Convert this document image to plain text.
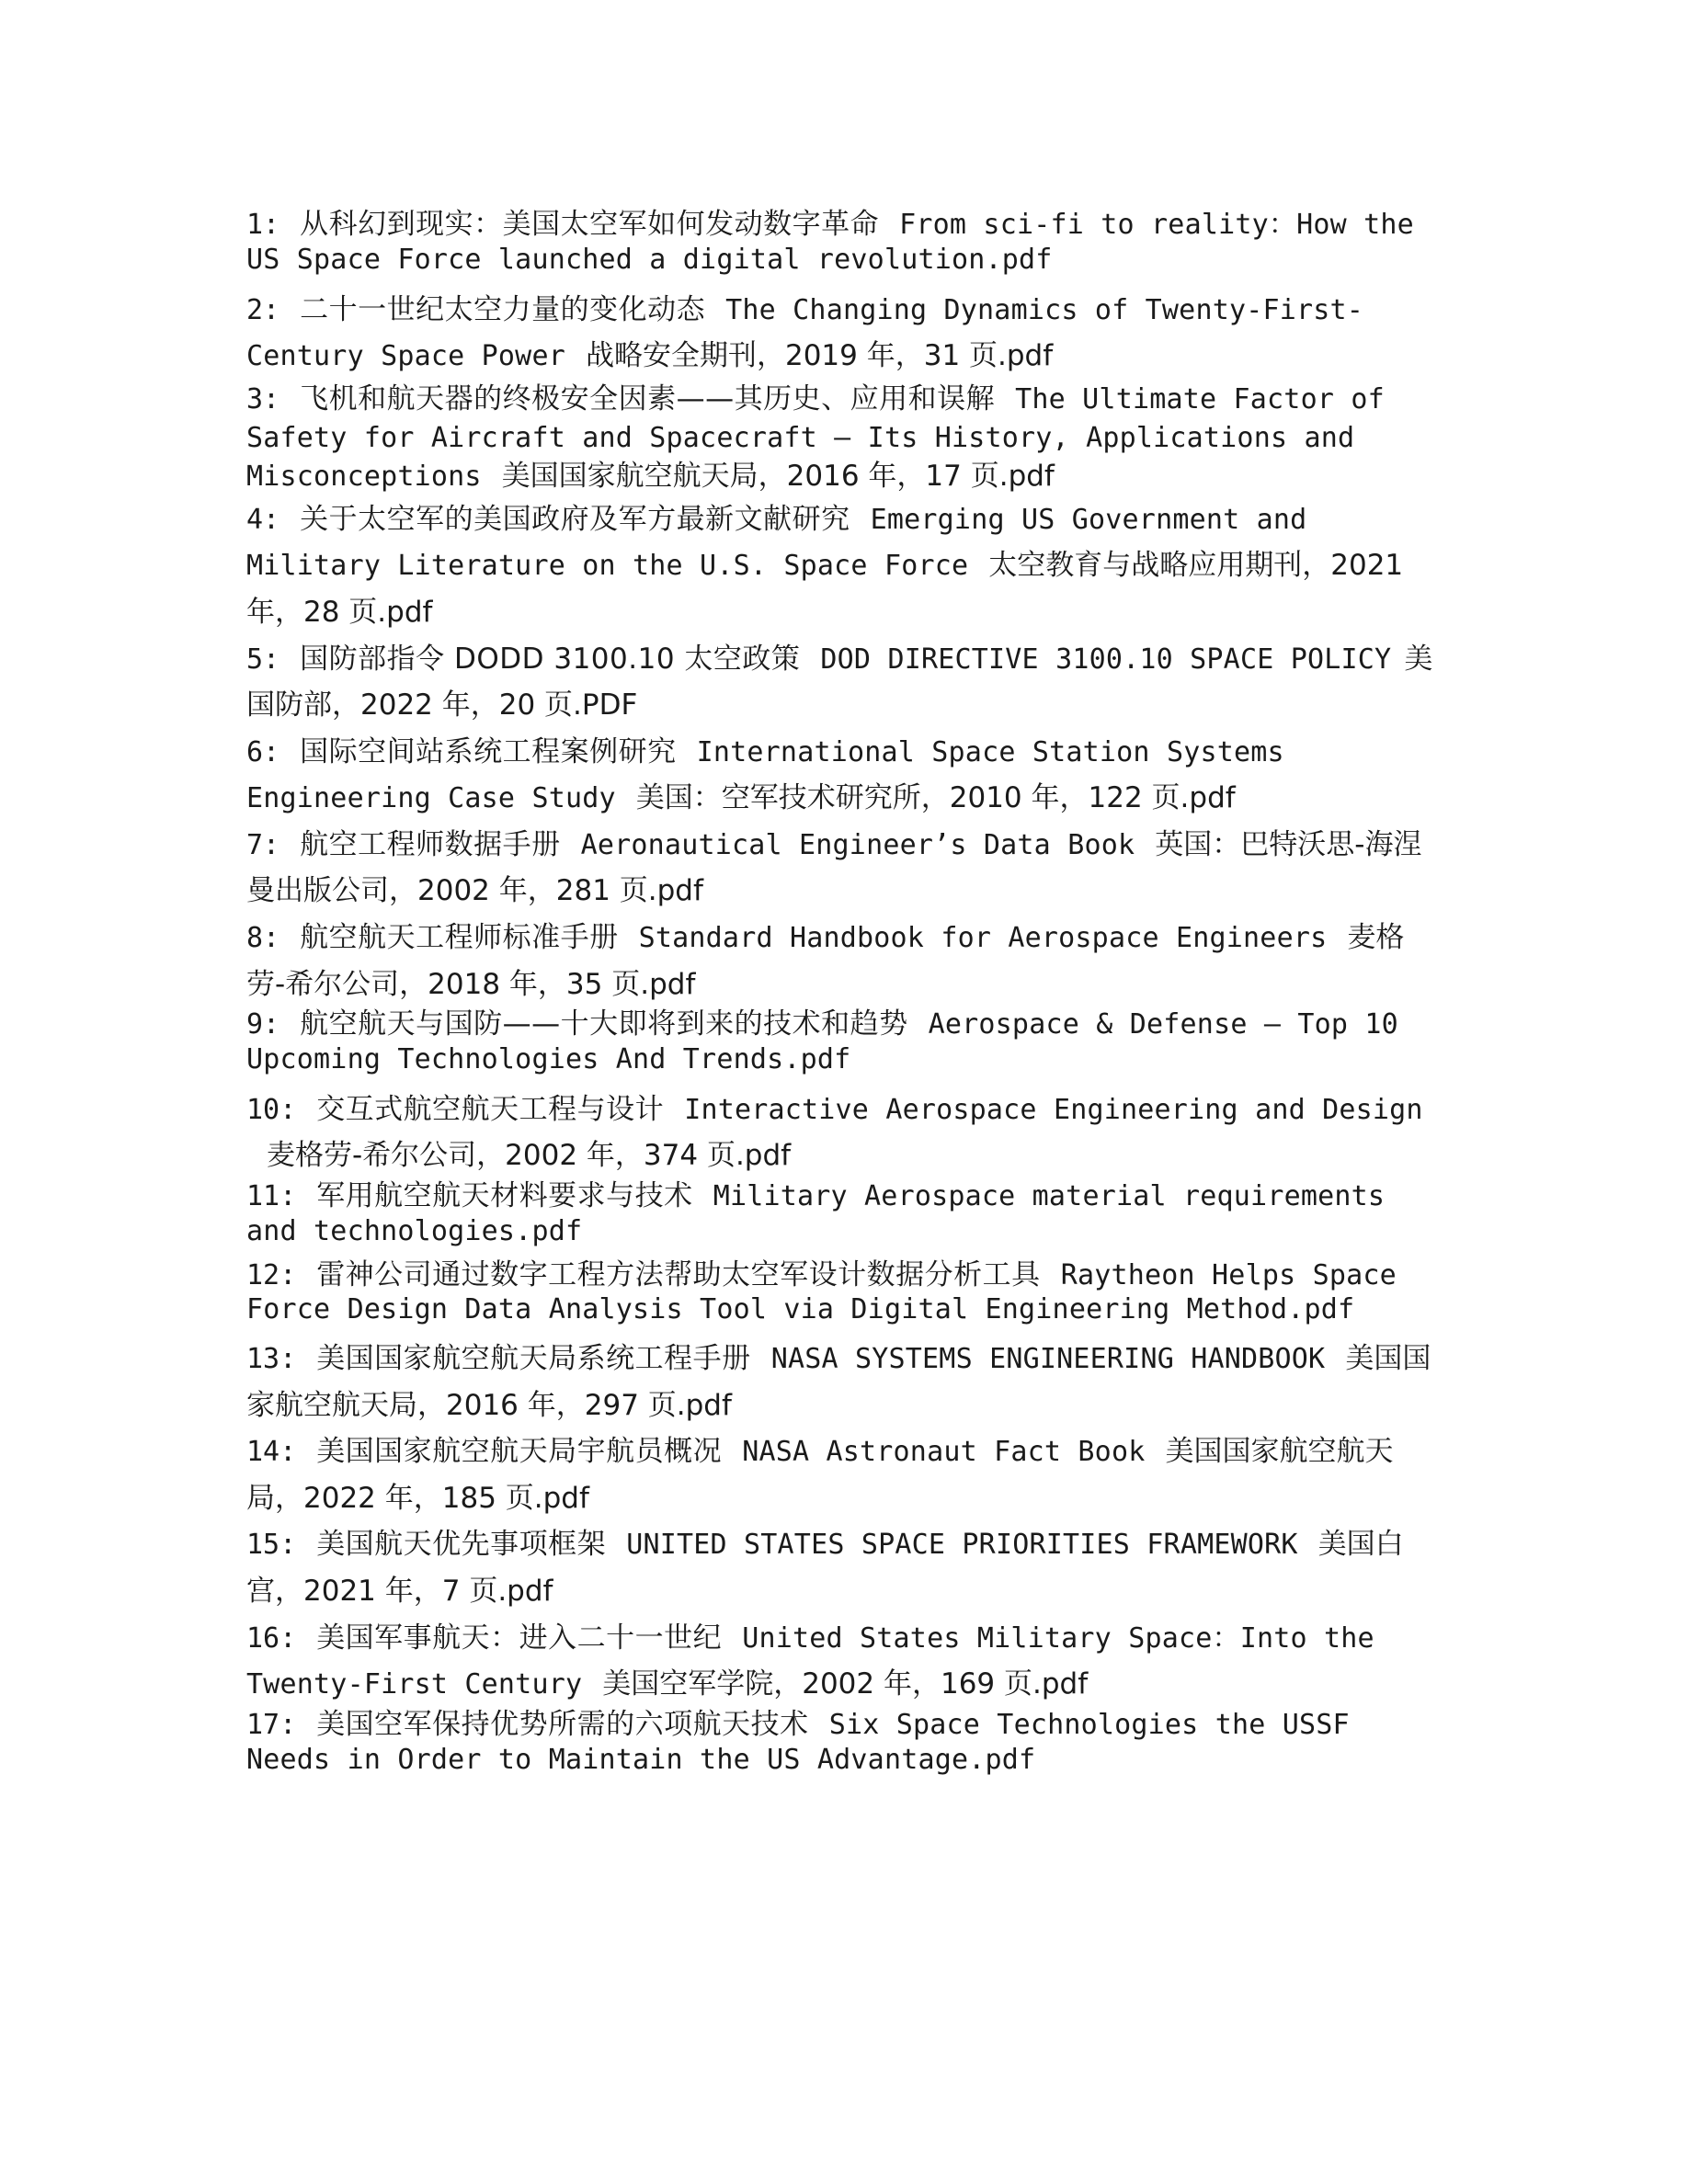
1: 从科幻到现实：美国太空军如何发动数字革命 From sci-fi to reality：How the US Space Force launched a digital revolution.pdf
2: 二十一世纪太空力量的变化动态 The Changing Dynamics of Twenty-First-Century Space Power 战略安全期刊，2019 年，31 页.pdf
3: 飞机和航天器的终极安全因素——其历史、应用和误解 The Ultimate Factor of Safety for Aircraft and Spacecraft – Its History, Applications and Misconceptions 美国国家航空航天局，2016 年，17 页.pdf
4: 关于太空军的美国政府及军方最新文献研究 Emerging US Government and Military Literature on the U.S. Space Force 太空教育与战略应用期刊，2021 年，28 页.pdf
5: 国防部指令 DODD 3100.10 太空政策 DOD DIRECTIVE 3100.10 SPACE POLICY 美国防部，2022 年，20 页.PDF
6: 国际空间站系统工程案例研究 International Space Station Systems Engineering Case Study 美国：空军技术研究所，2010 年，122 页.pdf
7: 航空工程师数据手册 Aeronautical Engineer’s Data Book 英国：巴特沃思-海涅曼出版公司，2002 年，281 页.pdf
8: 航空航天工程师标准手册 Standard Handbook for Aerospace Engineers 麦格劳-希尔公司，2018 年，35 页.pdf
9: 航空航天与国防——十大即将到来的技术和趋势 Aerospace & Defense — Top 10 Upcoming Technologies And Trends.pdf
10: 交互式航空航天工程与设计 Interactive Aerospace Engineering and Design麦格劳-希尔公司，2002 年，374 页.pdf
11: 军用航空航天材料要求与技术 Military Aerospace material requirements and technologies.pdf
12: 雷神公司通过数字工程方法帮助太空军设计数据分析工具 Raytheon Helps Space Force Design Data Analysis Tool via Digital Engineering Method.pdf
13: 美国国家航空航天局系统工程手册 NASA SYSTEMS ENGINEERING HANDBOOK 美国国家航空航天局，2016 年，297 页.pdf
14: 美国国家航空航天局宇航员概况 NASA Astronaut Fact Book 美国国家航空航天局，2022 年，185 页.pdf
15: 美国航天优先事项框架 UNITED STATES SPACE PRIORITIES FRAMEWORK 美国白宫，2021 年，7 页.pdf
16: 美国军事航天：进入二十一世纪 United States Military Space：Into the Twenty-First Century 美国空军学院，2002 年，169 页.pdf
17: 美国空军保持优势所需的六项航天技术 Six Space Technologies the USSF Needs in Order to Maintain the US Advantage.pdf
